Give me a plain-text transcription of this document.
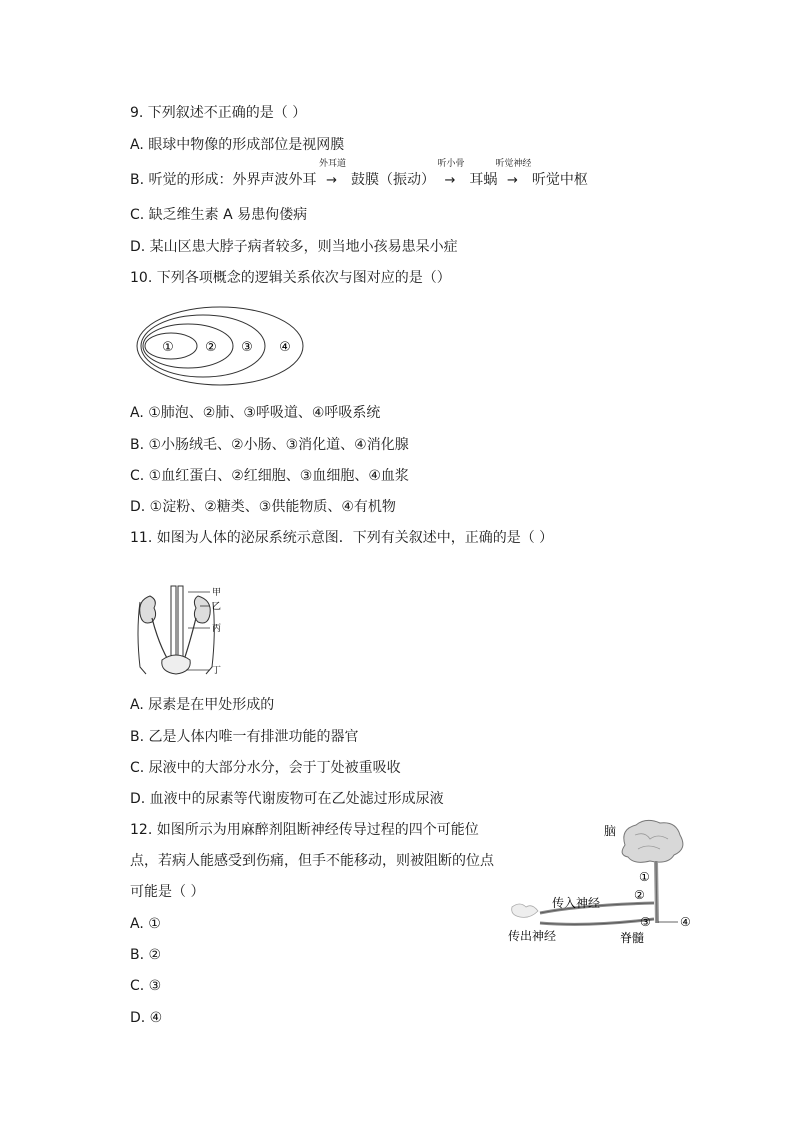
9. 下列叙述不正确的是（ ）
A. 眼球中物像的形成部位是视网膜
B. 听觉的形成：外界声波外耳
外耳道
→ 鼓膜（振动）
听小骨
→ 耳蜗
听觉神经
→ 听觉中枢
C. 缺乏维生素 A 易患佝偻病
D. 某山区患大脖子病者较多，则当地小孩易患呆小症
10. 下列各项概念的逻辑关系依次与图对应的是（）
① ② ③ ④
A. ①肺泡、②肺、③呼吸道、④呼吸系统
B. ①小肠绒毛、②小肠、③消化道、④消化腺
C. ①血红蛋白、②红细胞、③血细胞、④血浆
D. ①淀粉、②糖类、③供能物质、④有机物
11. 如图为人体的泌尿系统示意图．下列有关叙述中，正确的是（ ）
甲
乙
丙
丁
A. 尿素是在甲处形成的
B. 乙是人体内唯一有排泄功能的器官
C. 尿液中的大部分水分，会于丁处被重吸收
D. 血液中的尿素等代谢废物可在乙处滤过形成尿液
12. 如图所示为用麻醉剂阻断神经传导过程的四个可能位
点，若病人能感受到伤痛，但手不能移动，则被阻断的位点
可能是（ ）
A. ①
B. ②
C. ③
D. ④
脑
传入神经
传出神经	脊髓
①
②
③ ④
